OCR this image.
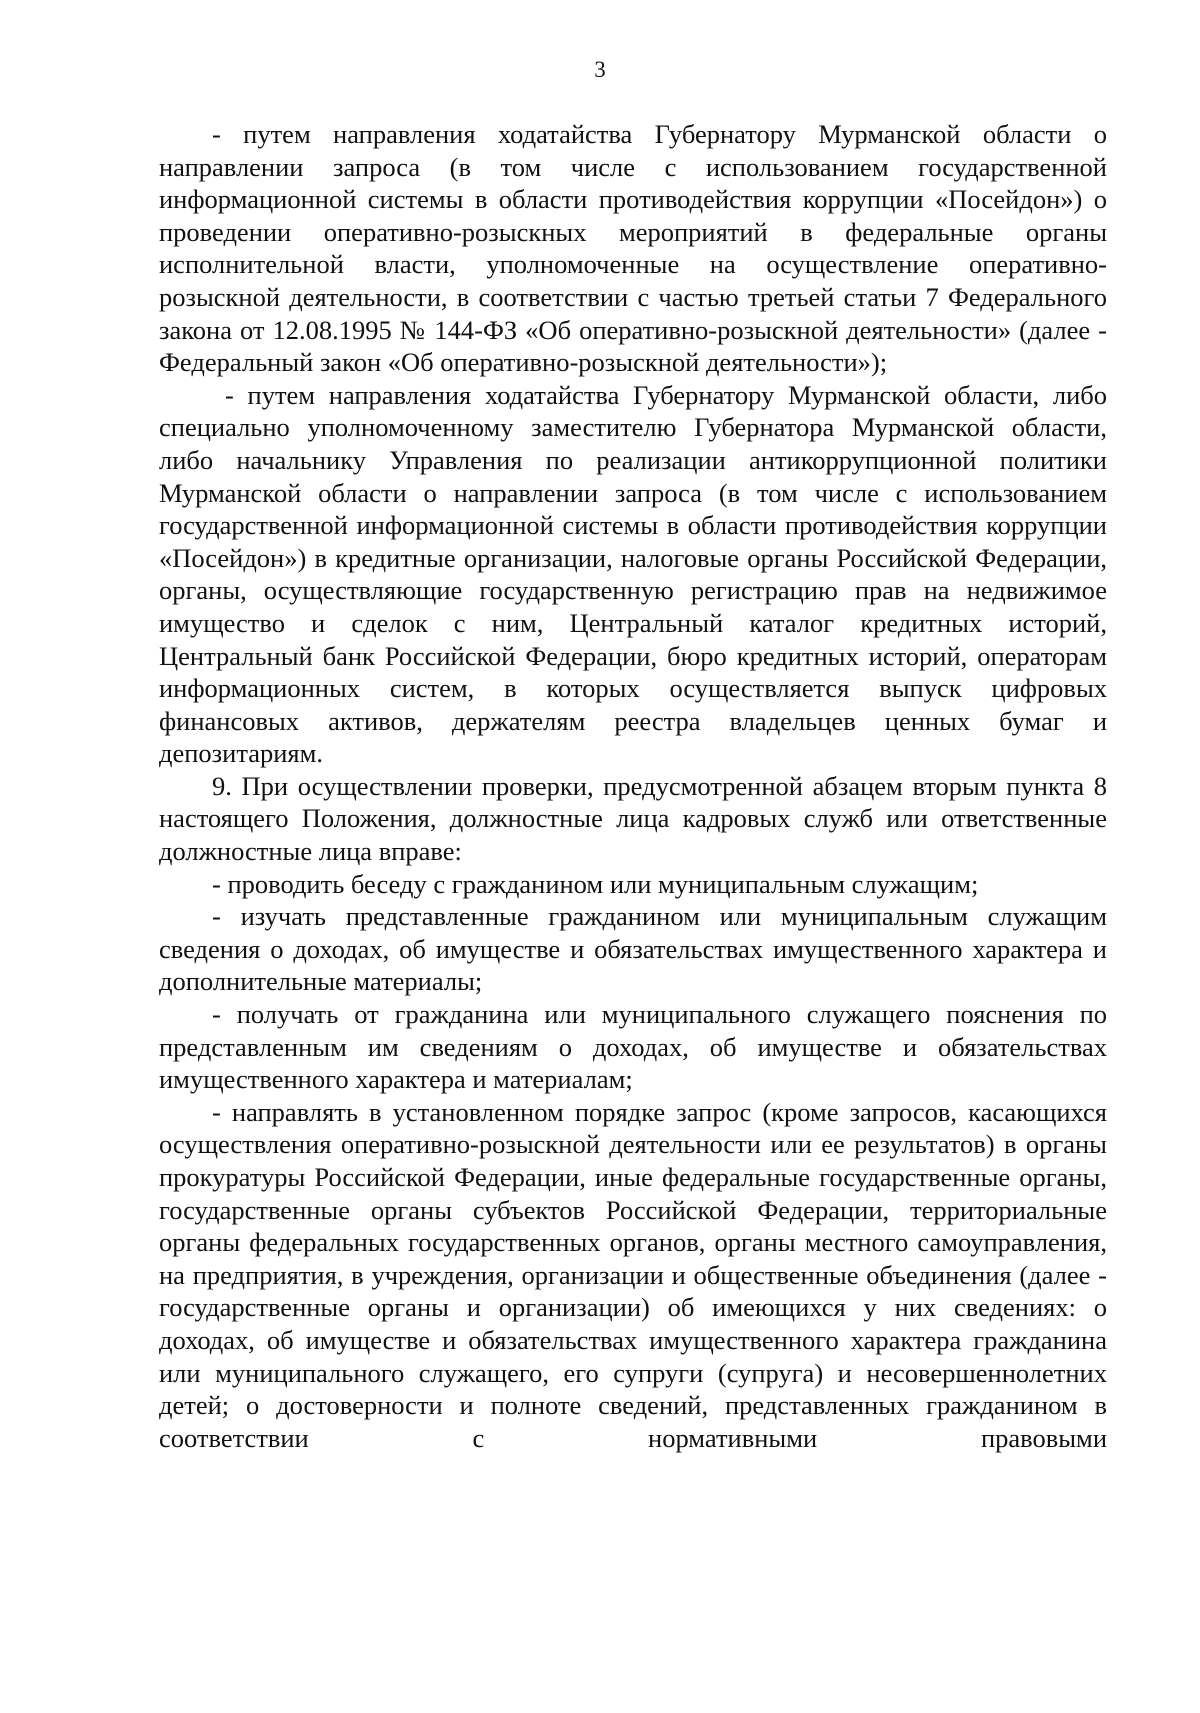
3

- путем направления ходатайства Губернатору Мурманской области о направлении запроса (в том числе с использованием государственной информационной системы в области противодействия коррупции «Посейдон») о проведении оперативно-розыскных мероприятий в федеральные органы исполнительной власти, уполномоченные на осуществление оперативно-розыскной деятельности, в соответствии с частью третьей статьи 7 Федерального закона от 12.08.1995 № 144-ФЗ «Об оперативно-розыскной деятельности» (далее - Федеральный закон «Об оперативно-розыскной деятельности»);

- путем направления ходатайства Губернатору Мурманской области, либо специально уполномоченному заместителю Губернатора Мурманской области, либо начальнику Управления по реализации антикоррупционной политики Мурманской области о направлении запроса (в том числе с использованием государственной информационной системы в области противодействия коррупции «Посейдон») в кредитные организации, налоговые органы Российской Федерации, органы, осуществляющие государственную регистрацию прав на недвижимое имущество и сделок с ним, Центральный каталог кредитных историй, Центральный банк Российской Федерации, бюро кредитных историй, операторам информационных систем, в которых осуществляется выпуск цифровых финансовых активов, держателям реестра владельцев ценных бумаг и депозитариям.

9. При осуществлении проверки, предусмотренной абзацем вторым пункта 8 настоящего Положения, должностные лица кадровых служб или ответственные должностные лица вправе:

- проводить беседу с гражданином или муниципальным служащим;

- изучать представленные гражданином или муниципальным служащим сведения о доходах, об имуществе и обязательствах имущественного характера и дополнительные материалы;

- получать от гражданина или муниципального служащего пояснения по представленным им сведениям о доходах, об имуществе и обязательствах имущественного характера и материалам;

- направлять в установленном порядке запрос (кроме запросов, касающихся осуществления оперативно-розыскной деятельности или ее результатов) в органы прокуратуры Российской Федерации, иные федеральные государственные органы, государственные органы субъектов Российской Федерации, территориальные органы федеральных государственных органов, органы местного самоуправления, на предприятия, в учреждения, организации и общественные объединения (далее - государственные органы и организации) об имеющихся у них сведениях: о доходах, об имуществе и обязательствах имущественного характера гражданина или муниципального служащего, его супруги (супруга) и несовершеннолетних детей; о достоверности и полноте сведений, представленных гражданином в соответствии с нормативными правовыми
